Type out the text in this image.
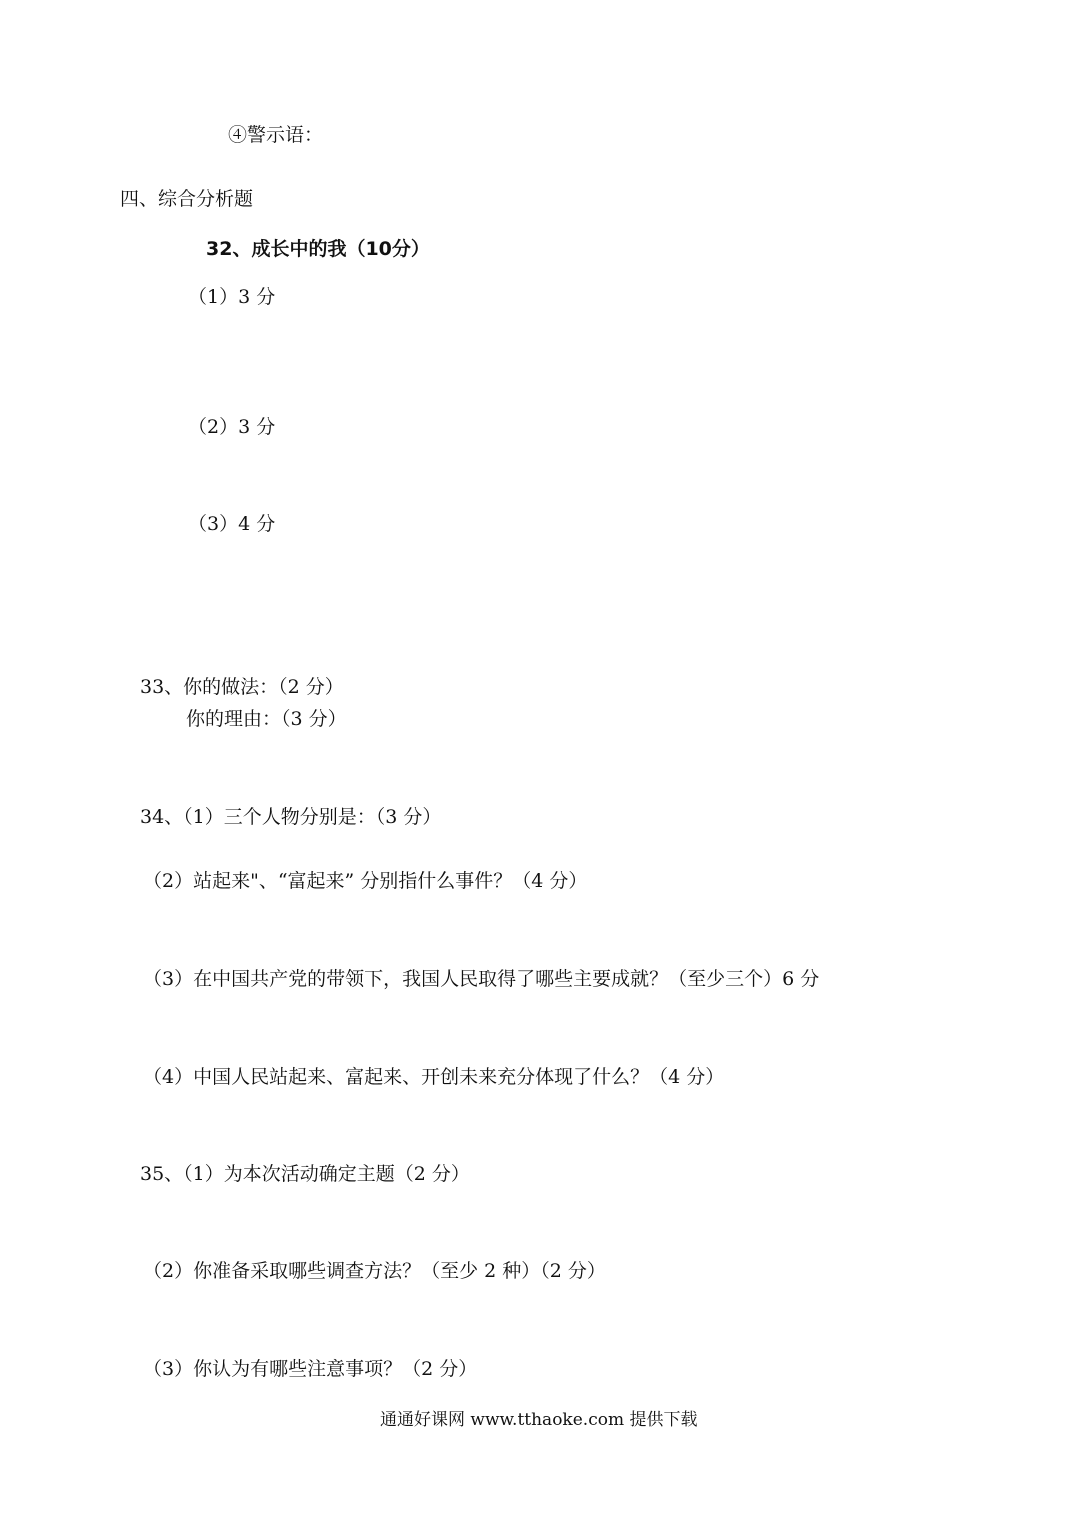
④警示语：
四、综合分析题
32、成长中的我（10分）
（1）3 分
（2）3 分
（3）4 分
33、你的做法：（2 分）
你的理由：（3 分）
34、（1）三个人物分别是：（3 分）
（2）站起来"、“富起来” 分别指什么事件？（4 分）
（3）在中国共产党的带领下，我国人民取得了哪些主要成就？（至少三个）6 分
（4）中国人民站起来、富起来、开创未来充分体现了什么？（4 分）
35、（1）为本次活动确定主题（2 分）
（2）你准备采取哪些调查方法？（至少 2 种）（2 分）
（3）你认为有哪些注意事项？（2 分）
通通好课网 www.tthaoke.com 提供下载
